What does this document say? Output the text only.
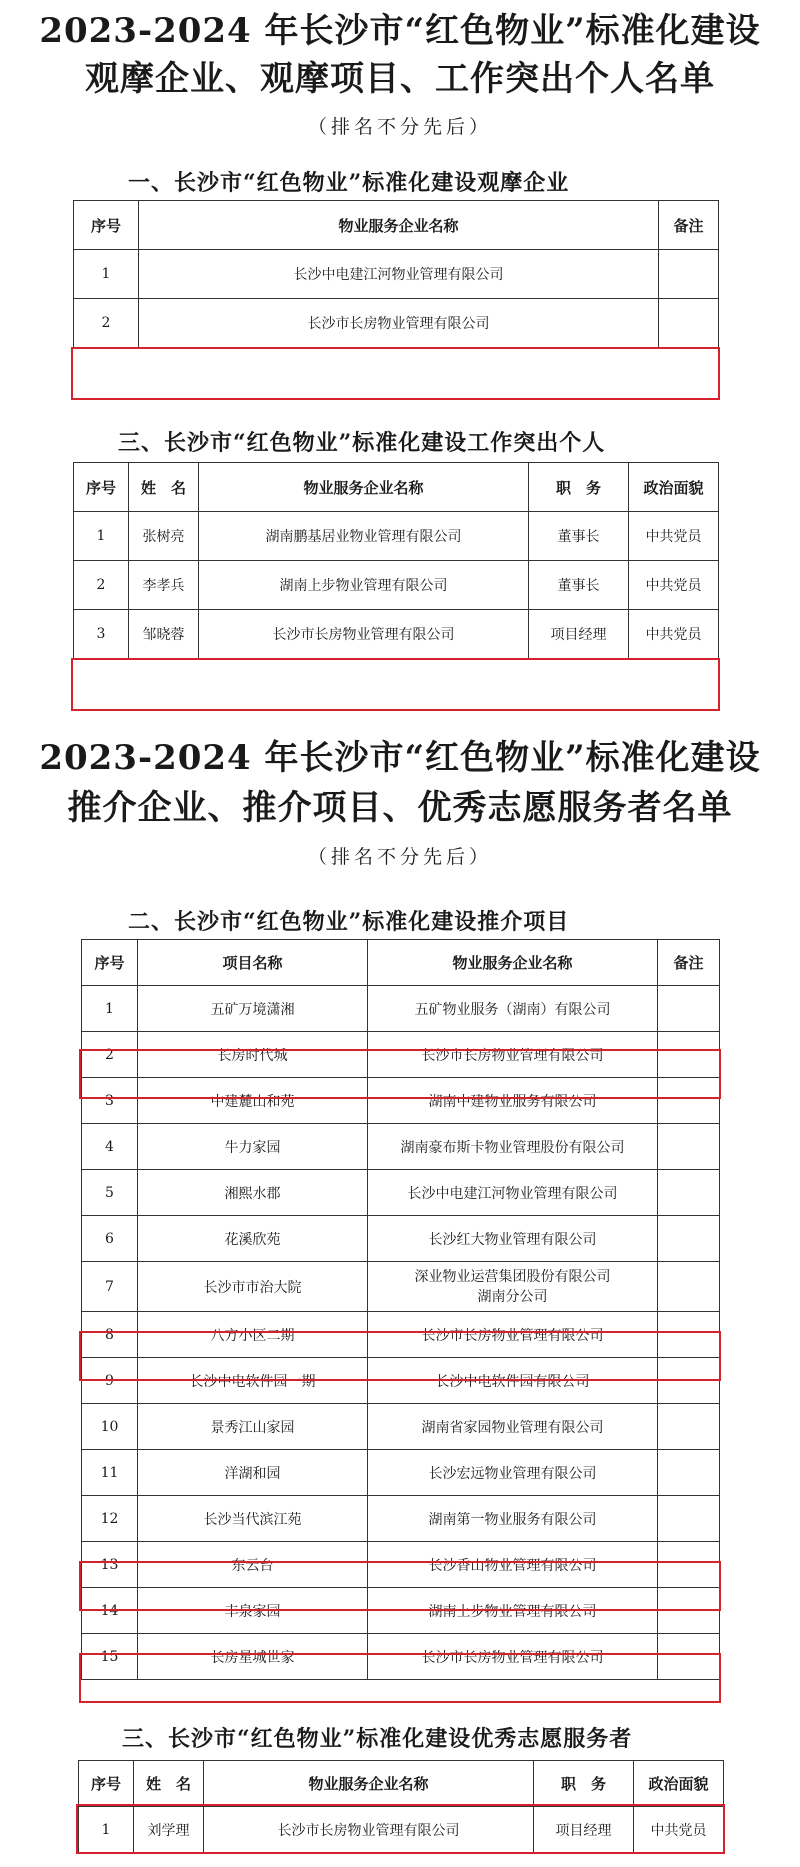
2023-2024 年长沙市“红色物业”标准化建设
观摩企业、观摩项目、工作突出个人名单
（排名不分先后）
一、长沙市“红色物业”标准化建设观摩企业
序号	物业服务企业名称	备注
1	长沙中电建江河物业管理有限公司	
2	长沙市长房物业管理有限公司	
三、长沙市“红色物业”标准化建设工作突出个人
序号	姓　名	物业服务企业名称	职　务	政治面貌
1	张树亮	湖南鹏基居业物业管理有限公司	董事长	中共党员
2	李孝兵	湖南上步物业管理有限公司	董事长	中共党员
3	邹晓蓉	长沙市长房物业管理有限公司	项目经理	中共党员
2023-2024 年长沙市“红色物业”标准化建设
推介企业、推介项目、优秀志愿服务者名单
（排名不分先后）
二、长沙市“红色物业”标准化建设推介项目
序号	项目名称	物业服务企业名称	备注
1	五矿万境潇湘	五矿物业服务（湖南）有限公司	
2	长房时代城	长沙市长房物业管理有限公司	
3	中建麓山和苑	湖南中建物业服务有限公司	
4	牛力家园	湖南豪布斯卡物业管理股份有限公司	
5	湘熙水郡	长沙中电建江河物业管理有限公司	
6	花溪欣苑	长沙红大物业管理有限公司	
7	长沙市市治大院	深业物业运营集团股份有限公司
湖南分公司	

8	八方小区二期	长沙市长房物业管理有限公司	
9	长沙中电软件园一期	长沙中电软件园有限公司	
10	景秀江山家园	湖南省家园物业管理有限公司	
11	洋湖和园	长沙宏远物业管理有限公司	
12	长沙当代滨江苑	湖南第一物业服务有限公司	
13	东云台	长沙香山物业管理有限公司	
14	丰泉家园	湖南上步物业管理有限公司	
15	长房星城世家	长沙市长房物业管理有限公司	
三、长沙市“红色物业”标准化建设优秀志愿服务者
序号	姓　名	物业服务企业名称	职　务	政治面貌
1	刘学理	长沙市长房物业管理有限公司	项目经理	中共党员
